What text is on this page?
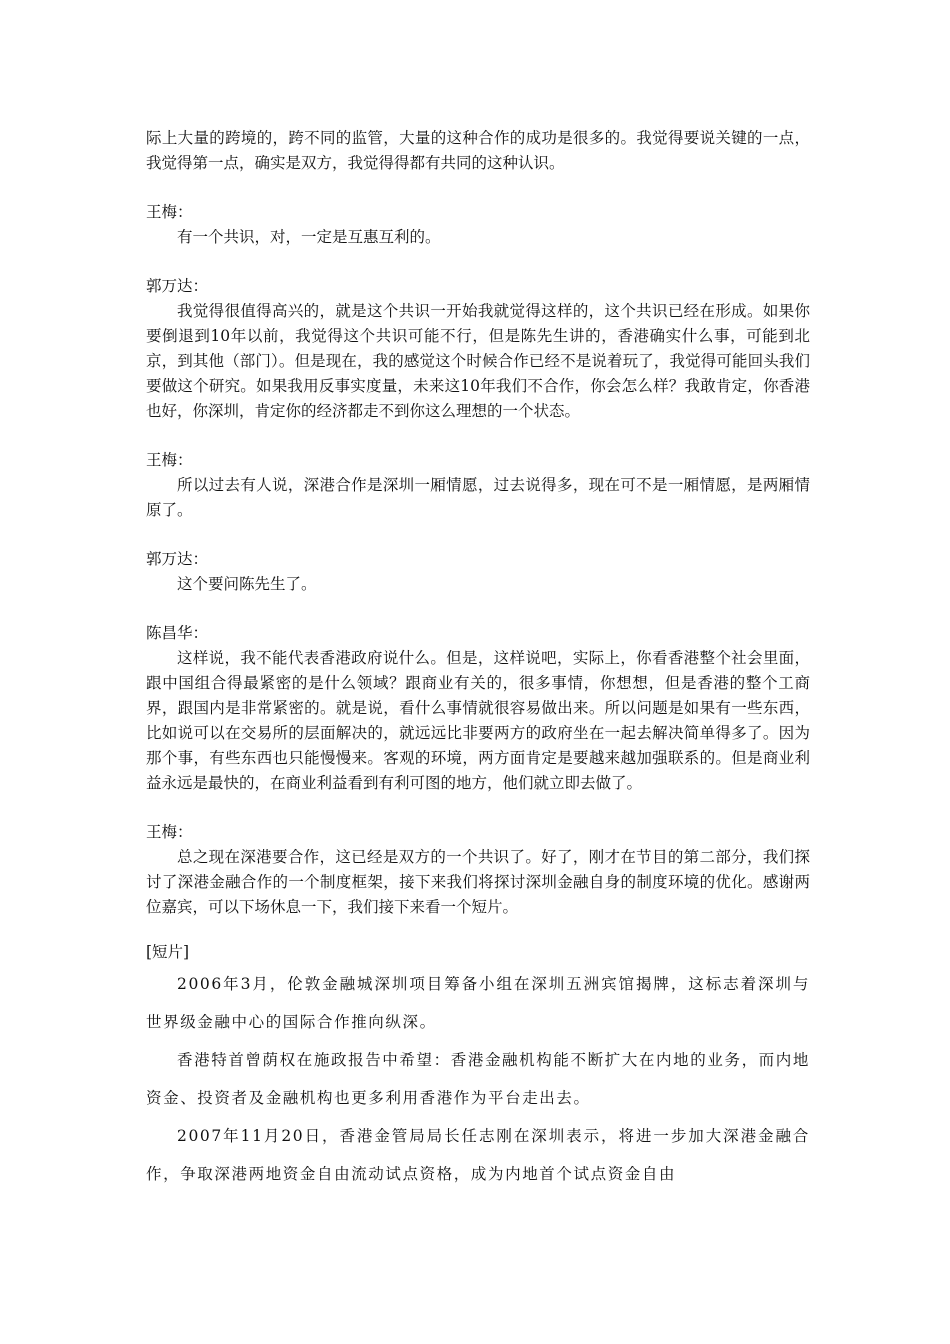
际上大量的跨境的，跨不同的监管，大量的这种合作的成功是很多的。我觉得要说关键的一点，我觉得第一点，确实是双方，我觉得得都有共同的这种认识。

王梅：

有一个共识，对，一定是互惠互利的。

郭万达：

我觉得很值得高兴的，就是这个共识一开始我就觉得这样的，这个共识已经在形成。如果你要倒退到10年以前，我觉得这个共识可能不行，但是陈先生讲的，香港确实什么事，可能到北京，到其他（部门）。但是现在，我的感觉这个时候合作已经不是说着玩了，我觉得可能回头我们要做这个研究。如果我用反事实度量，未来这10年我们不合作，你会怎么样？我敢肯定，你香港也好，你深圳，肯定你的经济都走不到你这么理想的一个状态。

王梅：

所以过去有人说，深港合作是深圳一厢情愿，过去说得多，现在可不是一厢情愿，是两厢情原了。

郭万达：

这个要问陈先生了。

陈昌华：

这样说，我不能代表香港政府说什么。但是，这样说吧，实际上，你看香港整个社会里面，跟中国组合得最紧密的是什么领域？跟商业有关的，很多事情，你想想，但是香港的整个工商界，跟国内是非常紧密的。就是说，看什么事情就很容易做出来。所以问题是如果有一些东西，比如说可以在交易所的层面解决的，就远远比非要两方的政府坐在一起去解决简单得多了。因为那个事，有些东西也只能慢慢来。客观的环境，两方面肯定是要越来越加强联系的。但是商业利益永远是最快的，在商业利益看到有利可图的地方，他们就立即去做了。

王梅：

总之现在深港要合作，这已经是双方的一个共识了。好了，刚才在节目的第二部分，我们探讨了深港金融合作的一个制度框架，接下来我们将探讨深圳金融自身的制度环境的优化。感谢两位嘉宾，可以下场休息一下，我们接下来看一个短片。

[短片]

2006年3月，伦敦金融城深圳项目筹备小组在深圳五洲宾馆揭牌，这标志着深圳与世界级金融中心的国际合作推向纵深。

香港特首曾荫权在施政报告中希望：香港金融机构能不断扩大在内地的业务，而内地资金、投资者及金融机构也更多利用香港作为平台走出去。

2007年11月20日，香港金管局局长任志刚在深圳表示，将进一步加大深港金融合作，争取深港两地资金自由流动试点资格，成为内地首个试点资金自由
